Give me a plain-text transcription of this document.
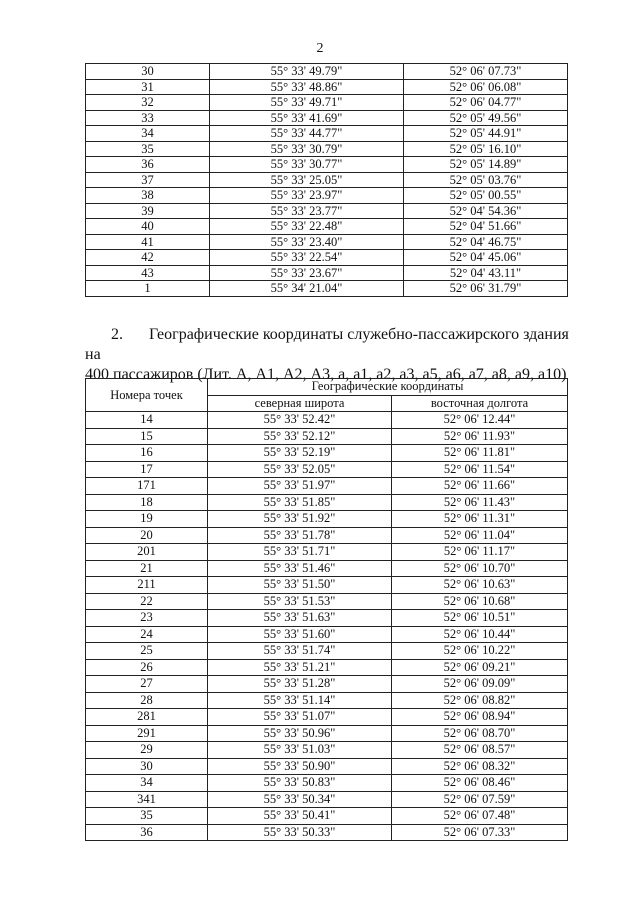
2
30	55° 33' 49.79"	52° 06' 07.73"
31	55° 33' 48.86"	52° 06' 06.08"
32	55° 33' 49.71"	52° 06' 04.77"
33	55° 33' 41.69"	52° 05' 49.56"
34	55° 33' 44.77"	52° 05' 44.91"
35	55° 33' 30.79"	52° 05' 16.10"
36	55° 33' 30.77"	52° 05' 14.89"
37	55° 33' 25.05"	52° 05' 03.76"
38	55° 33' 23.97"	52° 05' 00.55"
39	55° 33' 23.77"	52° 04' 54.36"
40	55° 33' 22.48"	52° 04' 51.66"
41	55° 33' 23.40"	52° 04' 46.75"
42	55° 33' 22.54"	52° 04' 45.06"
43	55° 33' 23.67"	52° 04' 43.11"
1	55° 34' 21.04"	52° 06' 31.79"
2. Географические координаты служебно-пассажирского здания на
400 пассажиров (Лит. А, А1, А2, А3, а, а1, а2, а3, а5, а6, а7, а8, а9, а10)
Номера точек	Географические координаты	
	северная широта	восточная долгота
14	55° 33' 52.42"	52° 06' 12.44"
15	55° 33' 52.12"	52° 06' 11.93"
16	55° 33' 52.19"	52° 06' 11.81"
17	55° 33' 52.05"	52° 06' 11.54"
171	55° 33' 51.97"	52° 06' 11.66"
18	55° 33' 51.85"	52° 06' 11.43"
19	55° 33' 51.92"	52° 06' 11.31"
20	55° 33' 51.78"	52° 06' 11.04"
201	55° 33' 51.71"	52° 06' 11.17"
21	55° 33' 51.46"	52° 06' 10.70"
211	55° 33' 51.50"	52° 06' 10.63"
22	55° 33' 51.53"	52° 06' 10.68"
23	55° 33' 51.63"	52° 06' 10.51"
24	55° 33' 51.60"	52° 06' 10.44"
25	55° 33' 51.74"	52° 06' 10.22"
26	55° 33' 51.21"	52° 06' 09.21"
27	55° 33' 51.28"	52° 06' 09.09"
28	55° 33' 51.14"	52° 06' 08.82"
281	55° 33' 51.07"	52° 06' 08.94"
291	55° 33' 50.96"	52° 06' 08.70"
29	55° 33' 51.03"	52° 06' 08.57"
30	55° 33' 50.90"	52° 06' 08.32"
34	55° 33' 50.83"	52° 06' 08.46"
341	55° 33' 50.34"	52° 06' 07.59"
35	55° 33' 50.41"	52° 06' 07.48"
36	55° 33' 50.33"	52° 06' 07.33"
